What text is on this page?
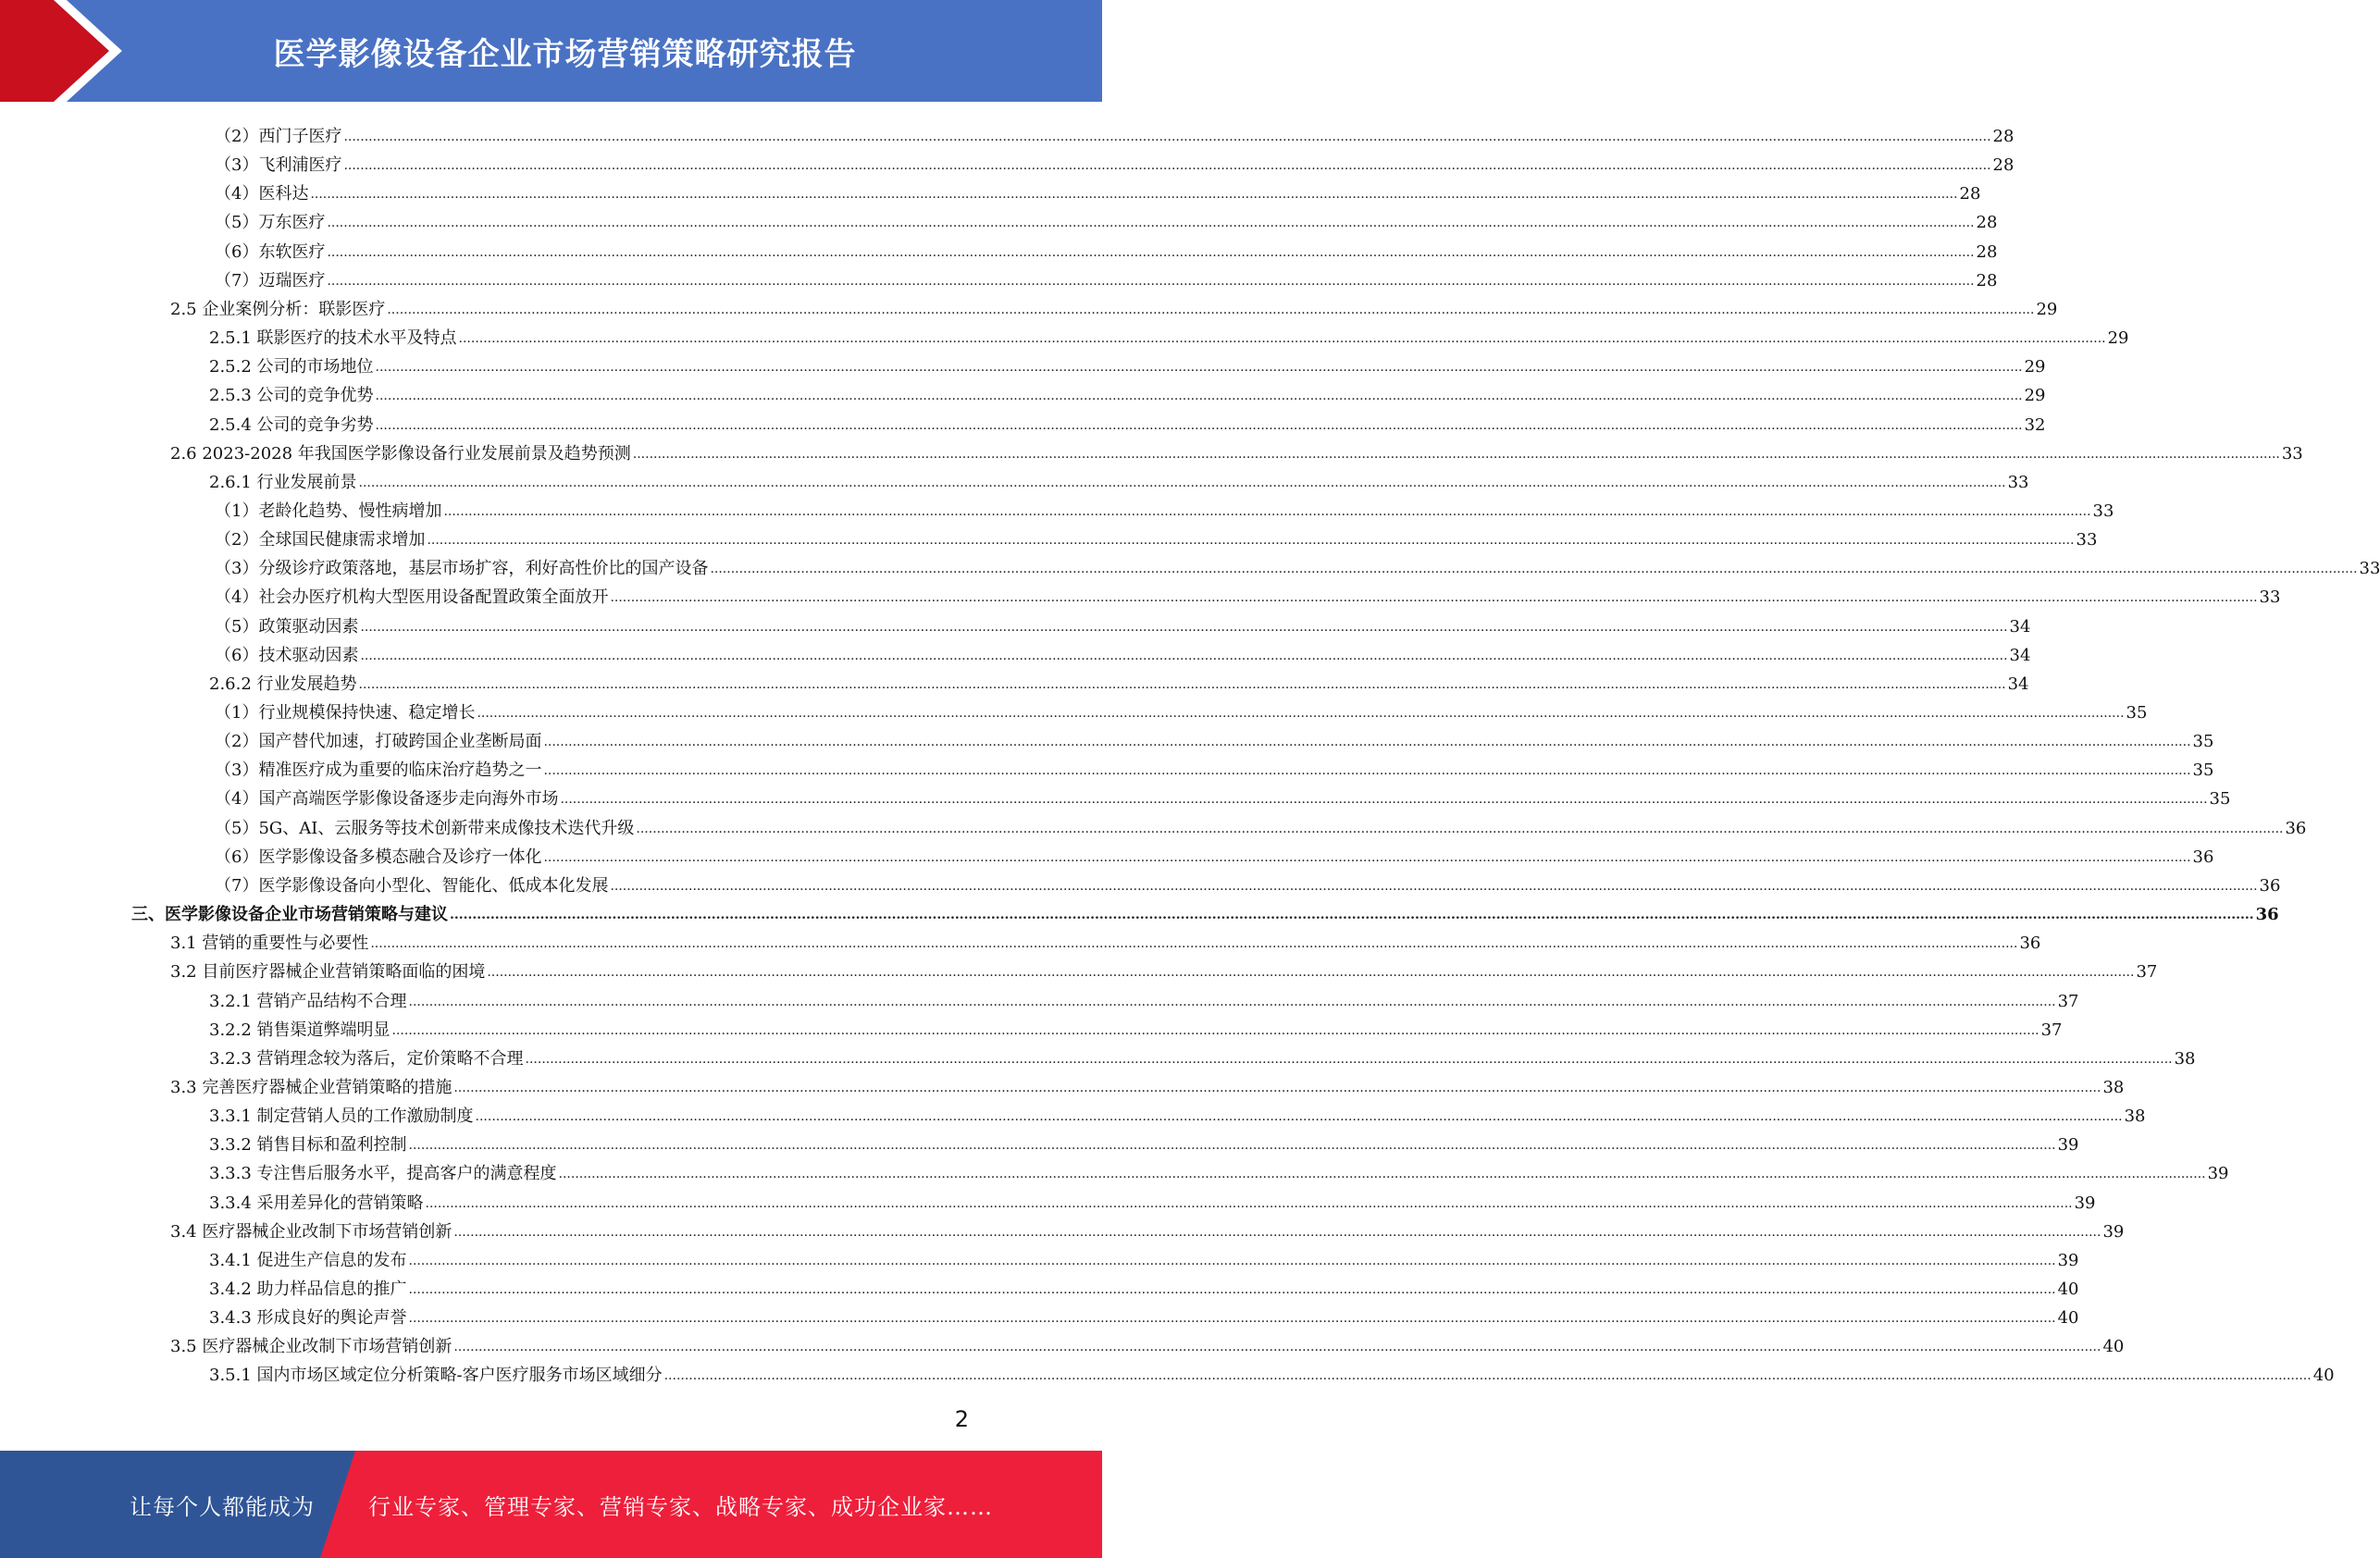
医学影像设备企业市场营销策略研究报告
（2）西门子医疗 ................................................................................................................................................................................................................................................................................................................................................................................................................ 28
（3）飞利浦医疗 ................................................................................................................................................................................................................................................................................................................................................................................................................ 28
（4）医科达 ................................................................................................................................................................................................................................................................................................................................................................................................................ 28
（5）万东医疗 ................................................................................................................................................................................................................................................................................................................................................................................................................ 28
（6）东软医疗 ................................................................................................................................................................................................................................................................................................................................................................................................................ 28
（7）迈瑞医疗 ................................................................................................................................................................................................................................................................................................................................................................................................................ 28
2.5 企业案例分析：联影医疗 ................................................................................................................................................................................................................................................................................................................................................................................................................ 29
2.5.1 联影医疗的技术水平及特点 ................................................................................................................................................................................................................................................................................................................................................................................................................ 29
2.5.2 公司的市场地位 ................................................................................................................................................................................................................................................................................................................................................................................................................ 29
2.5.3 公司的竞争优势 ................................................................................................................................................................................................................................................................................................................................................................................................................ 29
2.5.4 公司的竞争劣势 ................................................................................................................................................................................................................................................................................................................................................................................................................ 32
2.6 2023-2028 年我国医学影像设备行业发展前景及趋势预测 ................................................................................................................................................................................................................................................................................................................................................................................................................ 33
2.6.1 行业发展前景 ................................................................................................................................................................................................................................................................................................................................................................................................................ 33
（1）老龄化趋势、慢性病增加 ................................................................................................................................................................................................................................................................................................................................................................................................................ 33
（2）全球国民健康需求增加 ................................................................................................................................................................................................................................................................................................................................................................................................................ 33
（3）分级诊疗政策落地，基层市场扩容，利好高性价比的国产设备 ................................................................................................................................................................................................................................................................................................................................................................................................................ 33
（4）社会办医疗机构大型医用设备配置政策全面放开 ................................................................................................................................................................................................................................................................................................................................................................................................................ 33
（5）政策驱动因素 ................................................................................................................................................................................................................................................................................................................................................................................................................ 34
（6）技术驱动因素 ................................................................................................................................................................................................................................................................................................................................................................................................................ 34
2.6.2 行业发展趋势 ................................................................................................................................................................................................................................................................................................................................................................................................................ 34
（1）行业规模保持快速、稳定增长 ................................................................................................................................................................................................................................................................................................................................................................................................................ 35
（2）国产替代加速，打破跨国企业垄断局面 ................................................................................................................................................................................................................................................................................................................................................................................................................ 35
（3）精准医疗成为重要的临床治疗趋势之一 ................................................................................................................................................................................................................................................................................................................................................................................................................ 35
（4）国产高端医学影像设备逐步走向海外市场 ................................................................................................................................................................................................................................................................................................................................................................................................................ 35
（5）5G、AI、云服务等技术创新带来成像技术迭代升级 ................................................................................................................................................................................................................................................................................................................................................................................................................ 36
（6）医学影像设备多模态融合及诊疗一体化 ................................................................................................................................................................................................................................................................................................................................................................................................................ 36
（7）医学影像设备向小型化、智能化、低成本化发展 ................................................................................................................................................................................................................................................................................................................................................................................................................ 36
三、医学影像设备企业市场营销策略与建议 ................................................................................................................................................................................................................................................................................................................................................................................................................ 36
3.1 营销的重要性与必要性 ................................................................................................................................................................................................................................................................................................................................................................................................................ 36
3.2 目前医疗器械企业营销策略面临的困境 ................................................................................................................................................................................................................................................................................................................................................................................................................ 37
3.2.1 营销产品结构不合理 ................................................................................................................................................................................................................................................................................................................................................................................................................ 37
3.2.2 销售渠道弊端明显 ................................................................................................................................................................................................................................................................................................................................................................................................................ 37
3.2.3 营销理念较为落后，定价策略不合理 ................................................................................................................................................................................................................................................................................................................................................................................................................ 38
3.3 完善医疗器械企业营销策略的措施 ................................................................................................................................................................................................................................................................................................................................................................................................................ 38
3.3.1 制定营销人员的工作激励制度 ................................................................................................................................................................................................................................................................................................................................................................................................................ 38
3.3.2 销售目标和盈利控制 ................................................................................................................................................................................................................................................................................................................................................................................................................ 39
3.3.3 专注售后服务水平，提高客户的满意程度 ................................................................................................................................................................................................................................................................................................................................................................................................................ 39
3.3.4 采用差异化的营销策略 ................................................................................................................................................................................................................................................................................................................................................................................................................ 39
3.4 医疗器械企业改制下市场营销创新 ................................................................................................................................................................................................................................................................................................................................................................................................................ 39
3.4.1 促进生产信息的发布 ................................................................................................................................................................................................................................................................................................................................................................................................................ 39
3.4.2 助力样品信息的推广 ................................................................................................................................................................................................................................................................................................................................................................................................................ 40
3.4.3 形成良好的舆论声誉 ................................................................................................................................................................................................................................................................................................................................................................................................................ 40
3.5 医疗器械企业改制下市场营销创新 ................................................................................................................................................................................................................................................................................................................................................................................................................ 40
3.5.1 国内市场区域定位分析策略-客户医疗服务市场区域细分 ................................................................................................................................................................................................................................................................................................................................................................................................................ 40
2
让每个人都能成为 行业专家、管理专家、营销专家、战略专家、成功企业家……
